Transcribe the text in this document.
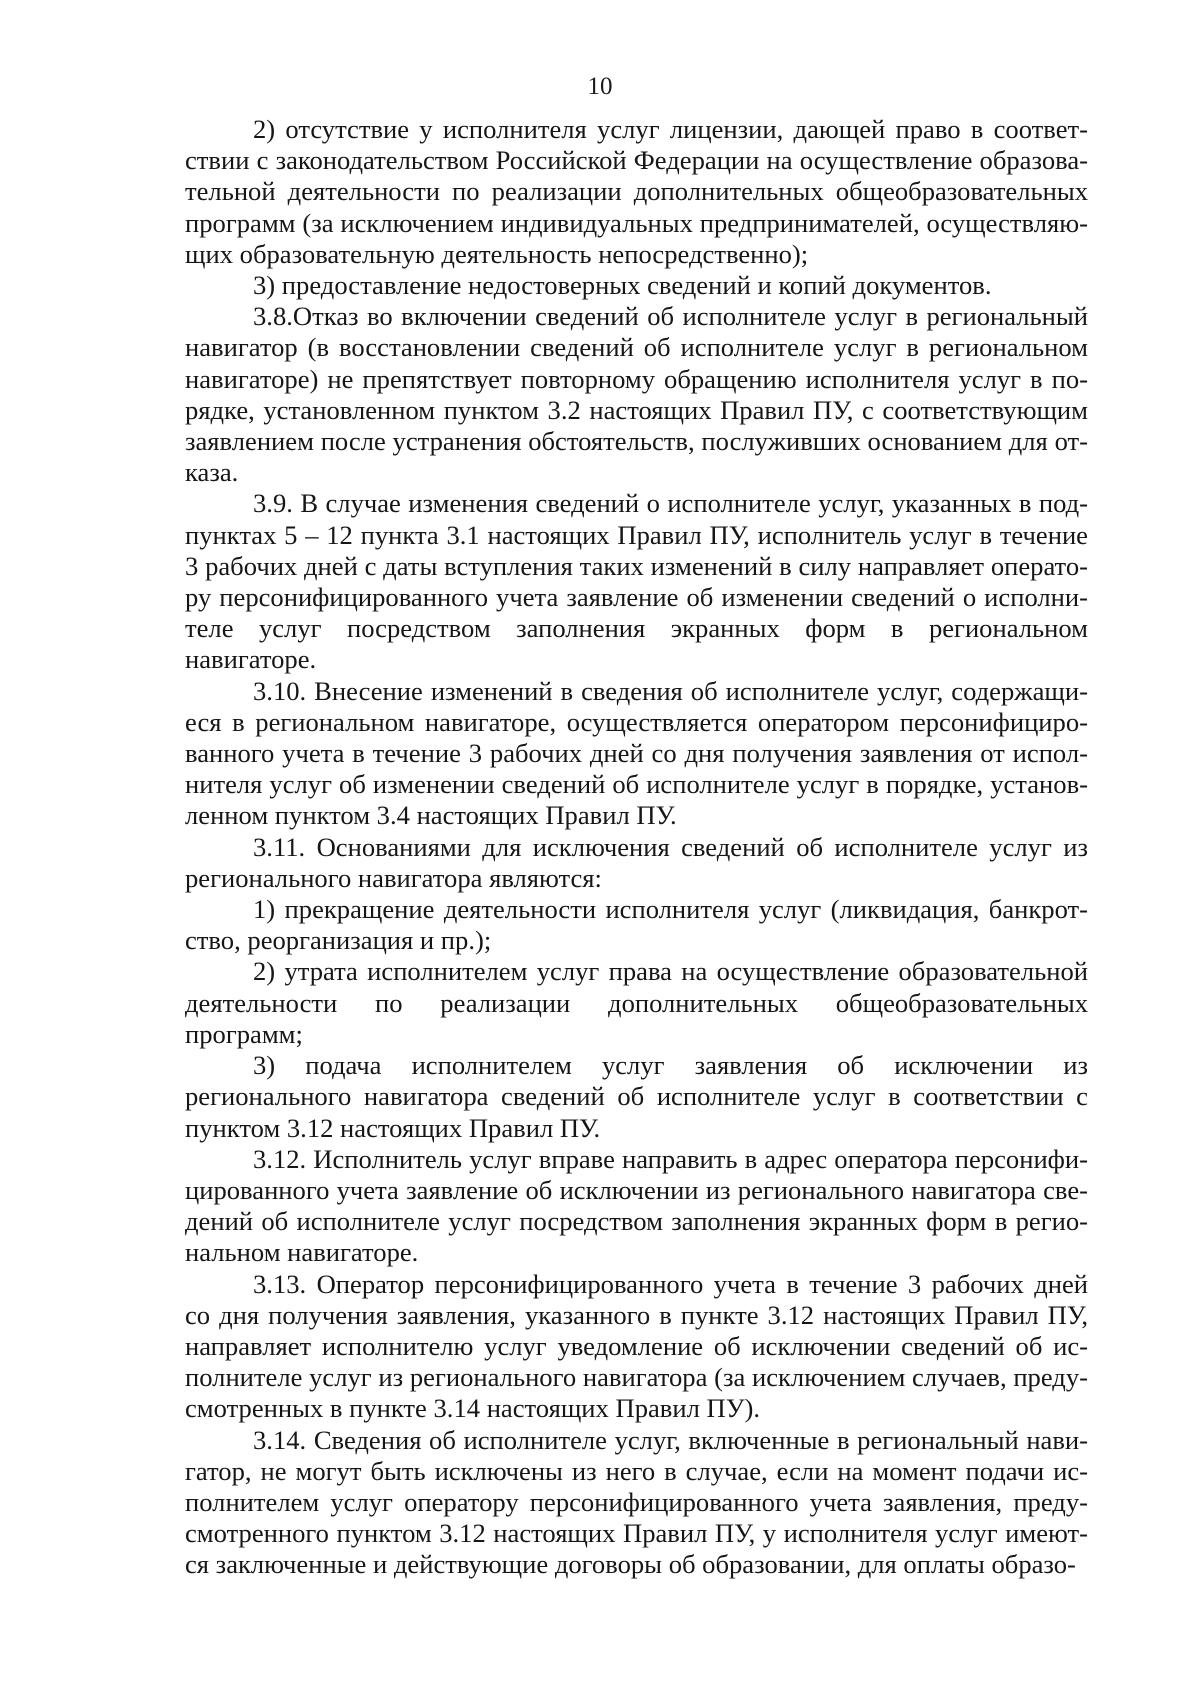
10

2) отсутствие у исполнителя услуг лицензии, дающей право в соответствии с законодательством Российской Федерации на осуществление образовательной деятельности по реализации дополнительных общеобразовательных программ (за исключением индивидуальных предпринимателей, осуществляющих образовательную деятельность непосредственно);

3) предоставление недостоверных сведений и копий документов.

3.8.Отказ во включении сведений об исполнителе услуг в региональный навигатор (в восстановлении сведений об исполнителе услуг в региональном навигаторе) не препятствует повторному обращению исполнителя услуг в порядке, установленном пунктом 3.2 настоящих Правил ПУ, с соответствующим заявлением после устранения обстоятельств, послуживших основанием для отказа.

3.9. В случае изменения сведений о исполнителе услуг, указанных в подпунктах 5 – 12 пункта 3.1 настоящих Правил ПУ, исполнитель услуг в течение 3 рабочих дней с даты вступления таких изменений в силу направляет оператору персонифицированного учета заявление об изменении сведений о исполнителе услуг посредством заполнения экранных форм в региональном навигаторе.

3.10. Внесение изменений в сведения об исполнителе услуг, содержащиеся в региональном навигаторе, осуществляется оператором персонифицированного учета в течение 3 рабочих дней со дня получения заявления от исполнителя услуг об изменении сведений об исполнителе услуг в порядке, установленном пунктом 3.4 настоящих Правил ПУ.

3.11. Основаниями для исключения сведений об исполнителе услуг из регионального навигатора являются:

1) прекращение деятельности исполнителя услуг (ликвидация, банкротство, реорганизация и пр.);

2) утрата исполнителем услуг права на осуществление образовательной деятельности по реализации дополнительных общеобразовательных программ;

3) подача исполнителем услуг заявления об исключении из регионального навигатора сведений об исполнителе услуг в соответствии с пунктом 3.12 настоящих Правил ПУ.

3.12. Исполнитель услуг вправе направить в адрес оператора персонифицированного учета заявление об исключении из регионального навигатора сведений об исполнителе услуг посредством заполнения экранных форм в региональном навигаторе.

3.13. Оператор персонифицированного учета в течение 3 рабочих дней со дня получения заявления, указанного в пункте 3.12 настоящих Правил ПУ, направляет исполнителю услуг уведомление об исключении сведений об исполнителе услуг из регионального навигатора (за исключением случаев, предусмотренных в пункте 3.14 настоящих Правил ПУ).

3.14. Сведения об исполнителе услуг, включенные в региональный навигатор, не могут быть исключены из него в случае, если на момент подачи исполнителем услуг оператору персонифицированного учета заявления, предусмотренного пунктом 3.12 настоящих Правил ПУ, у исполнителя услуг имеются заключенные и действующие договоры об образовании, для оплаты образо-
